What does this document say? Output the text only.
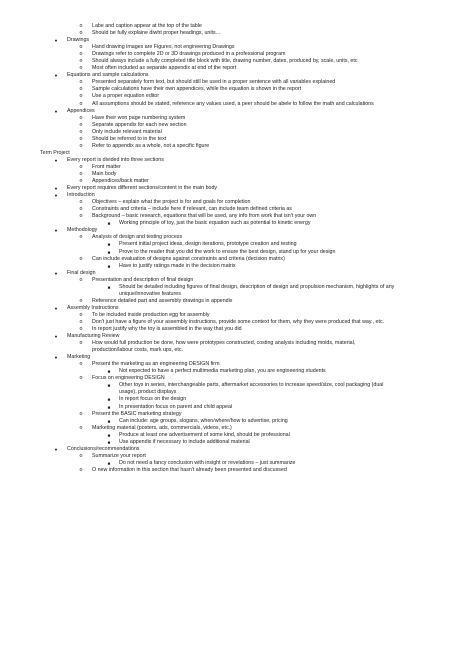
o	Labe and caption appear at the top of the table
o	Should be fully explaine diwht proper headings, units…
●	Drawings
o	Hand drawing images are Figures, not engineering Drawings
o	Drawings refer to complete 2D or 3D drawings produced in a professional program
o	Should always include a fully completed title block with title, drawing number, dates, produced by, scale, units, etc
o	Most often included as separate appendix at end of the report
●	Equations and sample calculations
o	Presented separately form text, but should still be used in a proper sentence with all variables explained
o	Sample calculations have their own appendices, while the equation is shown in the report
o	Use a proper equation editor
o	All assumptions should be stated, reference any values used, a peer should be abele to follow the math and calculations
●	Appendices
o	Have their won page numbering system
o	Separate appendix for each new section
o	Only include relevant material
o	Should be referred to in the text
o	Refer to appendix as a whole, not a specific figure
Term Project
●	Every report is divided into three sections
o	Front matter
o	Main body
o	Appendices/back matter
●	Every report requires different sections/content in the main body
●	Introduction
o	Objectives – explain what the project is for and goals for completion
o	Constraints and criteria – include here if relevant, can include team defined criteria as
o	Background – basic research, equations that will be used, any info from work that isn't your own
■	Working principle of toy, just the basic equation such as potential to kinetic energy
●	Methodology
o	Analysis of design and testing process
■	Present initial project ideas, design iterations, prototype creation and testing
■	Prove to the reader that you did the work to ensure the best design, stand up for your design
o	Can include evaluation of designs against constraints and criteria (decision matrix)
■	Have to justify ratings made in the decision matrix
●	Final design
o	Presentation and description of final design
■	Should be detailed including figures of final design, description of design and propulsion mechanism, highlights of any
unique/innovative features
o	Reference detailed part and assembly drawings in appendix
●	Assembly Instructions
o	To be included inside production egg for assembly
o	Don't just have a figure of your assembly instructions, provide some context for them, why they were produced that way., etc.
o	In report justify why the toy is assembled in the way that you did
●	Manufacturing Review
o	How would full production be done, how were prototypes constructed, costing analysis including molds, material,
production/labour costs, mark ups, etc.
●	Marketing
o	Present the marketing as an engineering DESIGN firm
■	Not expected to have a perfect multimedia marketing plan, you are engineering students
o	Focus on engineering DESIGN
■	Other toys in series, interchangeable parts, aftermarket accessories to increase speed/size, cool packaging (dual
usage), product displays
■	In report focus on the design
■	In presentation focus on parent and child appeal
o	Present the BASIC marketing strategy
■	Can include: age groups, slogans, when/where/how to advertise, pricing
o	Marketing material (posters, ads, commercials, videos, etc.)
■	Produce at least one advertisement of some kind, should be professional
■	Use appendix if necessary to include additional material
●	Conclusions/recommendations
o	Summarize your report
■	Do not need a fancy conclusion with insight or revelations – just summarize
o	O new information in this section that hasn't already been presented and discussed
